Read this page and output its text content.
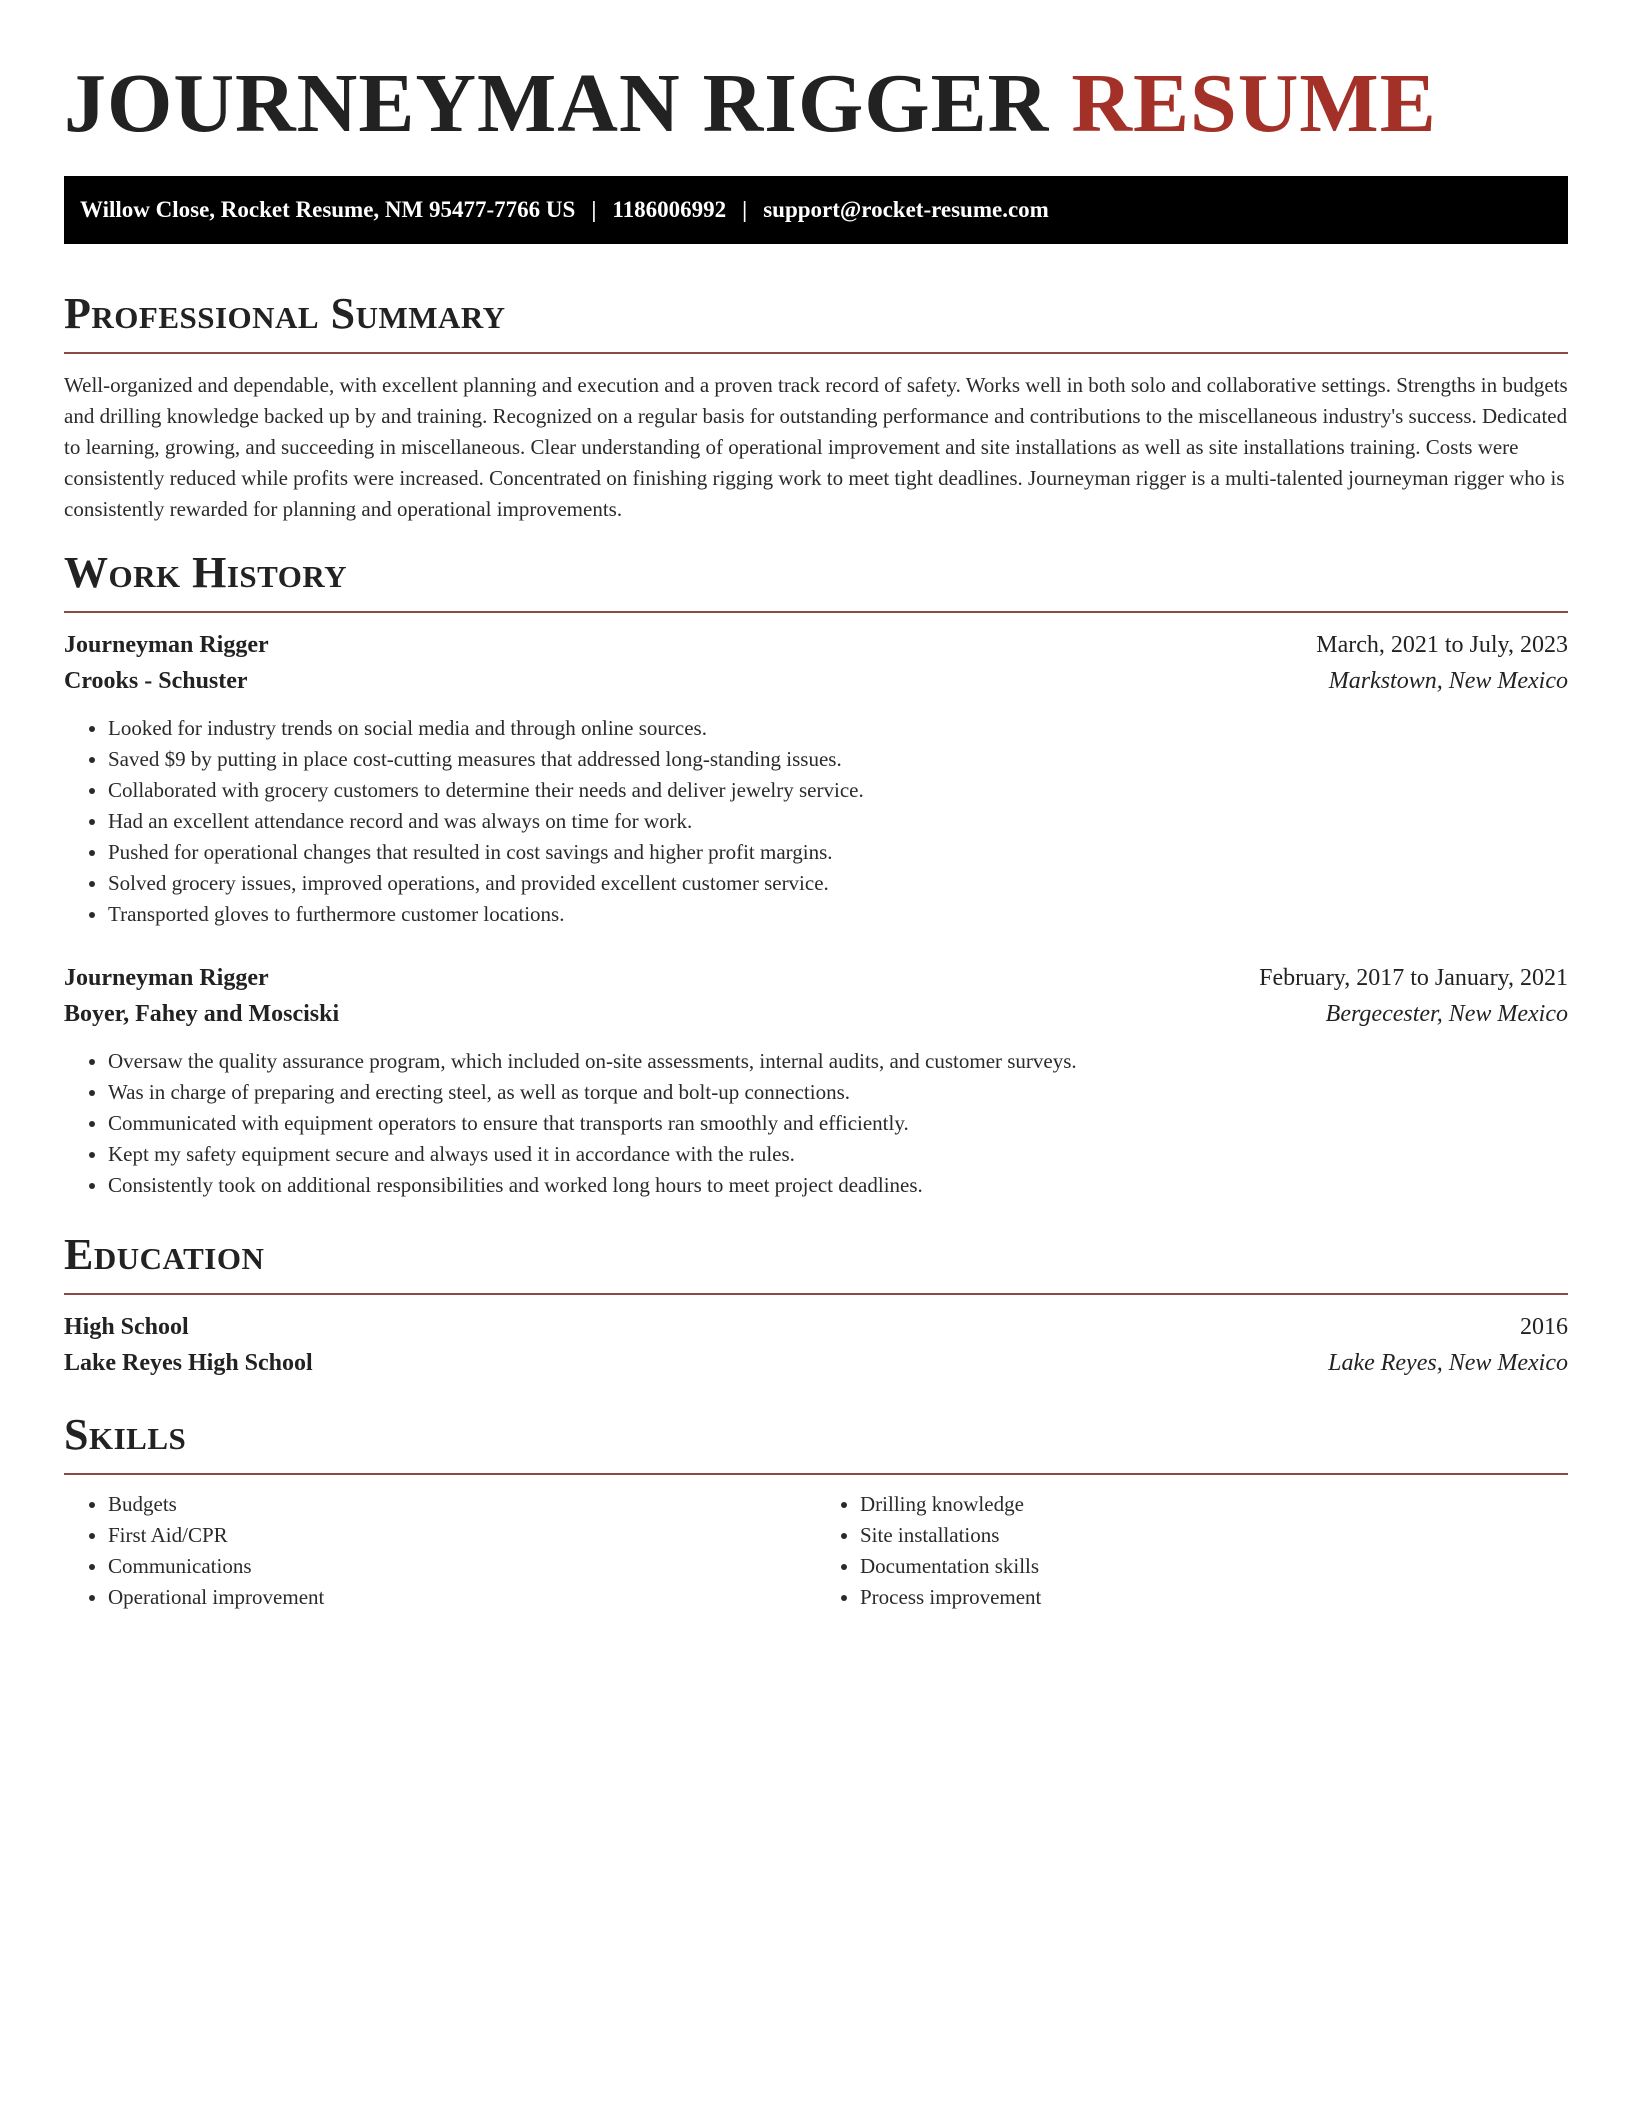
JOURNEYMAN RIGGER RESUME
Willow Close, Rocket Resume, NM 95477-7766 US | 1186006992 | support@rocket-resume.com
Professional Summary

Well-organized and dependable, with excellent planning and execution and a proven track record of safety. Works well in both solo and collaborative settings. Strengths in budgets and drilling knowledge backed up by and training. Recognized on a regular basis for outstanding performance and contributions to the miscellaneous industry's success. Dedicated to learning, growing, and succeeding in miscellaneous. Clear understanding of operational improvement and site installations as well as site installations training. Costs were consistently reduced while profits were increased. Concentrated on finishing rigging work to meet tight deadlines. Journeyman rigger is a multi-talented journeyman rigger who is consistently rewarded for planning and operational improvements.

Work History
Journeyman Rigger	March, 2021 to July, 2023
Crooks - Schuster	Markstown, New Mexico
• Looked for industry trends on social media and through online sources.
• Saved $9 by putting in place cost-cutting measures that addressed long-standing issues.
• Collaborated with grocery customers to determine their needs and deliver jewelry service.
• Had an excellent attendance record and was always on time for work.
• Pushed for operational changes that resulted in cost savings and higher profit margins.
• Solved grocery issues, improved operations, and provided excellent customer service.
• Transported gloves to furthermore customer locations.
Journeyman Rigger	February, 2017 to January, 2021
Boyer, Fahey and Mosciski	Bergecester, New Mexico
• Oversaw the quality assurance program, which included on-site assessments, internal audits, and customer surveys.
• Was in charge of preparing and erecting steel, as well as torque and bolt-up connections.
• Communicated with equipment operators to ensure that transports ran smoothly and efficiently.
• Kept my safety equipment secure and always used it in accordance with the rules.
• Consistently took on additional responsibilities and worked long hours to meet project deadlines.
Education
High School	2016
Lake Reyes High School	Lake Reyes, New Mexico
Skills
• Budgets
• First Aid/CPR
• Communications
• Operational improvement
• Drilling knowledge
• Site installations
• Documentation skills
• Process improvement
